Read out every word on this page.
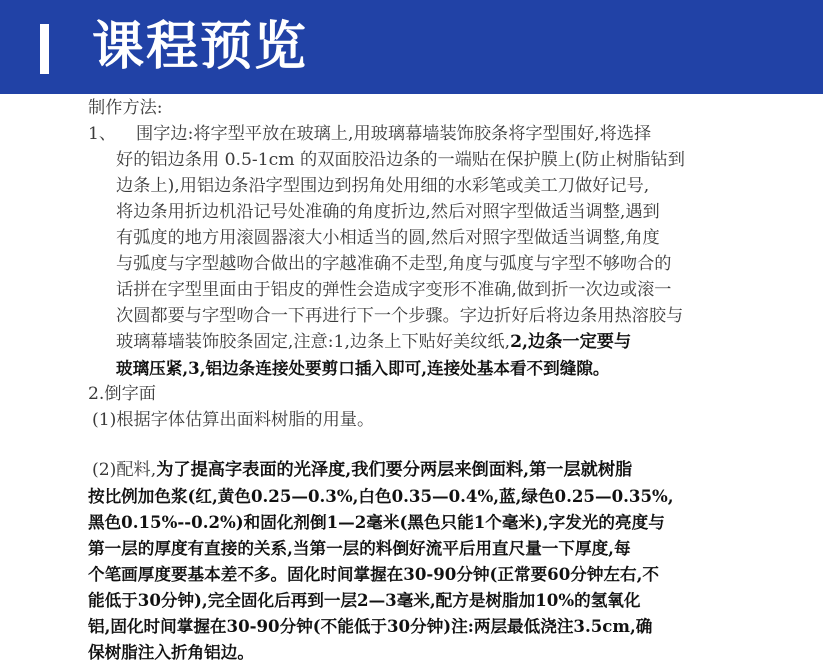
课程预览
制作方法:
1、 围字边:将字型平放在玻璃上,用玻璃幕墙装饰胶条将字型围好,将选择
好的铝边条用 0.5-1cm 的双面胶沿边条的一端贴在保护膜上(防止树脂钻到
边条上),用铝边条沿字型围边到拐角处用细的水彩笔或美工刀做好记号,
将边条用折边机沿记号处准确的角度折边,然后对照字型做适当调整,遇到
有弧度的地方用滚圆器滚大小相适当的圆,然后对照字型做适当调整,角度
与弧度与字型越吻合做出的字越准确不走型,角度与弧度与字型不够吻合的
话拼在字型里面由于铝皮的弹性会造成字变形不准确,做到折一次边或滚一
次圆都要与字型吻合一下再进行下一个步骤。字边折好后将边条用热溶胶与
玻璃幕墙装饰胶条固定,注意:1,边条上下贴好美纹纸,2,边条一定要与
玻璃压紧,3,铝边条连接处要剪口插入即可,连接处基本看不到缝隙。
2.倒字面
(1)根据字体估算出面料树脂的用量。
(2)配料,为了提高字表面的光泽度,我们要分两层来倒面料,第一层就树脂
按比例加色浆(红,黄色0.25—0.3%,白色0.35—0.4%,蓝,绿色0.25—0.35%,
黑色0.15%--0.2%)和固化剂倒1—2毫米(黑色只能1个毫米),字发光的亮度与
第一层的厚度有直接的关系,当第一层的料倒好流平后用直尺量一下厚度,每
个笔画厚度要基本差不多。固化时间掌握在30-90分钟(正常要60分钟左右,不
能低于30分钟),完全固化后再到一层2—3毫米,配方是树脂加10%的氢氧化
铝,固化时间掌握在30-90分钟(不能低于30分钟)注:两层最低浇注3.5cm,确
保树脂注入折角铝边。
